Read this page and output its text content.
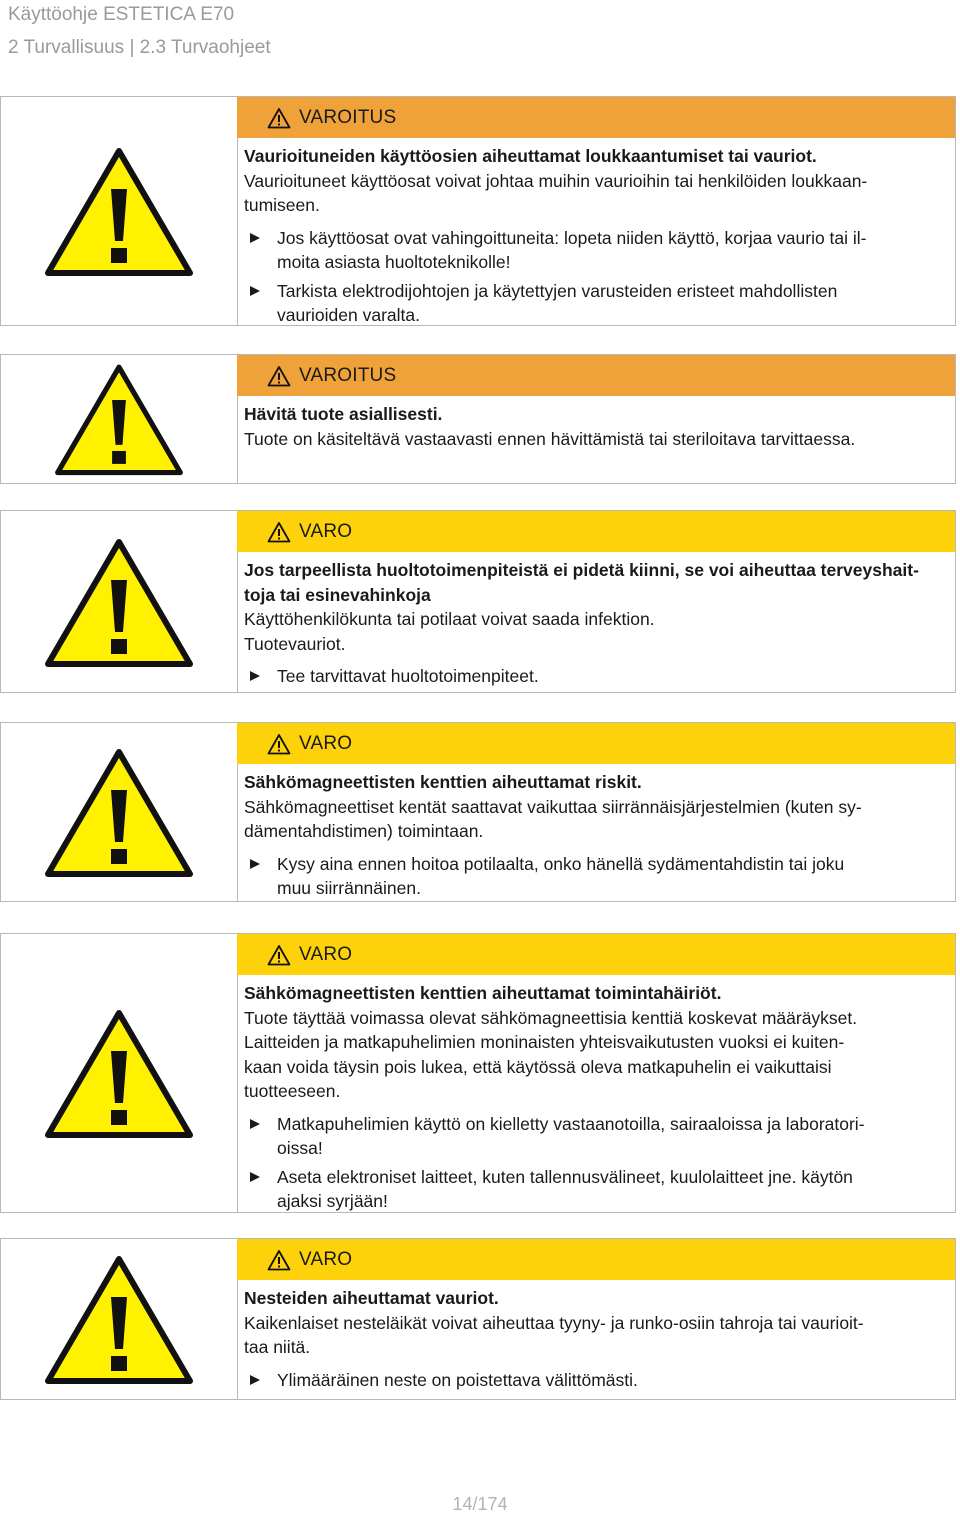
Käyttöohje ESTETICA E70
2 Turvallisuus | 2.3 Turvaohjeet
VAROITUS
Vaurioituneiden käyttöosien aiheuttamat loukkaantumiset tai vauriot.
Vaurioituneet käyttöosat voivat johtaa muihin vaurioihin tai henkilöiden loukkaan-
tumiseen.
Jos käyttöosat ovat vahingoittuneita: lopeta niiden käyttö, korjaa vaurio tai il-
moita asiasta huoltoteknikolle!
Tarkista elektrodijohtojen ja käytettyjen varusteiden eristeet mahdollisten
vaurioiden varalta.
VAROITUS
Hävitä tuote asiallisesti.
Tuote on käsiteltävä vastaavasti ennen hävittämistä tai steriloitava tarvittaessa.
VARO
Jos tarpeellista huoltotoimenpiteistä ei pidetä kiinni, se voi aiheuttaa terveyshait- toja tai esinevahinkoja
Käyttöhenkilökunta tai potilaat voivat saada infektion.
Tuotevauriot.
Tee tarvittavat huoltotoimenpiteet.
VARO
Sähkömagneettisten kenttien aiheuttamat riskit.
Sähkömagneettiset kentät saattavat vaikuttaa siirrännäisjärjestelmien (kuten sy-
dämentahdistimen) toimintaan.
Kysy aina ennen hoitoa potilaalta, onko hänellä sydämentahdistin tai joku
muu siirrännäinen.
VARO
Sähkömagneettisten kenttien aiheuttamat toimintahäiriöt.
Tuote täyttää voimassa olevat sähkömagneettisia kenttiä koskevat määräykset.
Laitteiden ja matkapuhelimien moninaisten yhteisvaikutusten vuoksi ei kuiten-
kaan voida täysin pois lukea, että käytössä oleva matkapuhelin ei vaikuttaisi
tuotteeseen.
Matkapuhelimien käyttö on kielletty vastaanotoilla, sairaaloissa ja laboratori-
oissa!
Aseta elektroniset laitteet, kuten tallennusvälineet, kuulolaitteet jne. käytön
ajaksi syrjään!
VARO
Nesteiden aiheuttamat vauriot.
Kaikenlaiset nesteläikät voivat aiheuttaa tyyny- ja runko-osiin tahroja tai vaurioit-
taa niitä.
Ylimääräinen neste on poistettava välittömästi.
14/174
